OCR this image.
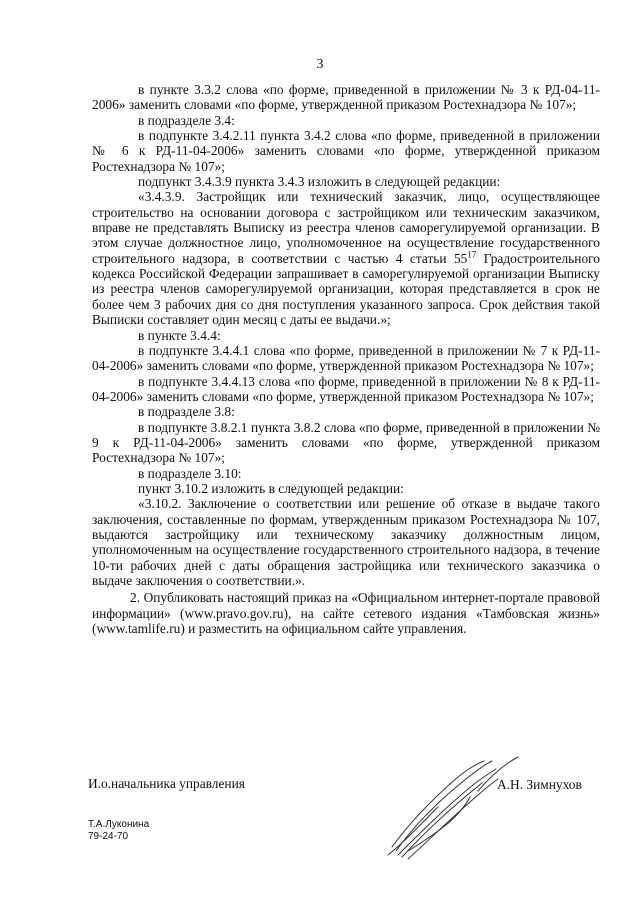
3

в пункте 3.3.2 слова «по форме, приведенной в приложении № 3 к РД-04-11-2006» заменить словами «по форме, утвержденной приказом Ростехнадзора № 107»;

в подразделе 3.4:

в подпункте 3.4.2.11 пункта 3.4.2 слова «по форме, приведенной в приложении № 6 к РД-11-04-2006» заменить словами «по форме, утвержденной приказом Ростехнадзора № 107»;

подпункт 3.4.3.9 пункта 3.4.3 изложить в следующей редакции:

«3.4.3.9. Застройщик или технический заказчик, лицо, осуществляющее строительство на основании договора с застройщиком или техническим заказчиком, вправе не представлять Выписку из реестра членов саморегулируемой организации. В этом случае должностное лицо, уполномоченное на осуществление государственного строительного надзора, в соответствии с частью 4 статьи $55^{17}$ Градостроительного кодекса Российской Федерации запрашивает в саморегулируемой организации Выписку из реестра членов саморегулируемой организации, которая представляется в срок не более чем 3 рабочих дня со дня поступления указанного запроса. Срок действия такой Выписки составляет один месяц с даты ее выдачи.»;

в пункте 3.4.4:

в подпункте 3.4.4.1 слова «по форме, приведенной в приложении № 7 к РД-11-04-2006» заменить словами «по форме, утвержденной приказом Ростехнадзора № 107»;

в подпункте 3.4.4.13 слова «по форме, приведенной в приложении № 8 к РД-11-04-2006» заменить словами «по форме, утвержденной приказом Ростехнадзора № 107»;

в подразделе 3.8:

в подпункте 3.8.2.1 пункта 3.8.2 слова «по форме, приведенной в приложении № 9 к РД-11-04-2006» заменить словами «по форме, утвержденной приказом Ростехнадзора № 107»;

в подразделе 3.10:

пункт 3.10.2 изложить в следующей редакции:

«3.10.2. Заключение о соответствии или решение об отказе в выдаче такого заключения, составленные по формам, утвержденным приказом Ростехнадзора № 107, выдаются застройщику или техническому заказчику должностным лицом, уполномоченным на осуществление государственного строительного надзора, в течение 10-ти рабочих дней с даты обращения застройщика или технического заказчика о выдаче заключения о соответствии.».

2. Опубликовать настоящий приказ на «Официальном интернет-портале правовой информации» (www.pravo.gov.ru), на сайте сетевого издания «Тамбовская жизнь» (www.tamlife.ru) и разместить на официальном сайте управления.

И.о.начальника управления	А.Н. Зимнухов
Т.А.Луконина
79-24-70
